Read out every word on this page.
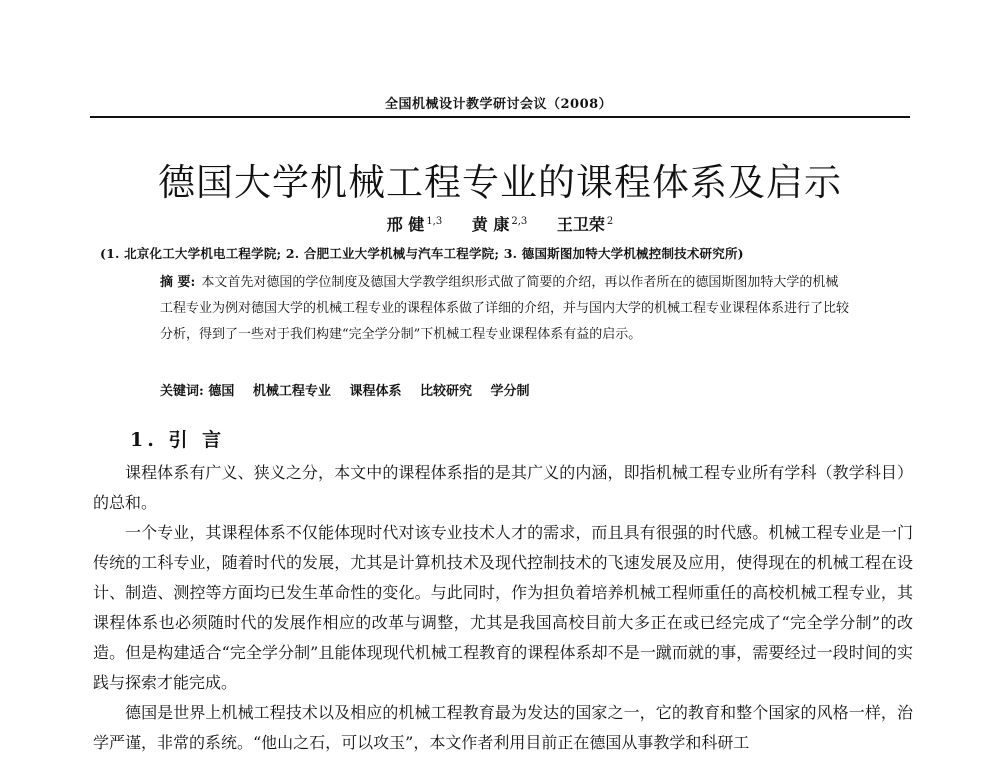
全国机械设计教学研讨会议（2008）
德国大学机械工程专业的课程体系及启示
邢 健 $^{1,3}$ 黄 康 $^{2,3}$ 王卫荣 $^2$
(1. 北京化工大学机电工程学院; 2. 合肥工业大学机械与汽车工程学院; 3. 德国斯图加特大学机械控制技术研究所)
摘 要: 本文首先对德国的学位制度及德国大学教学组织形式做了简要的介绍，再以作者所在的德国斯图加特大学的机械工程专业为例对德国大学的机械工程专业的课程体系做了详细的介绍，并与国内大学的机械工程专业课程体系进行了比较分析，得到了一些对于我们构建“完全学分制”下机械工程专业课程体系有益的启示。
关键词: 德国 机械工程专业 课程体系 比较研究 学分制
1. 引 言

课程体系有广义、狭义之分，本文中的课程体系指的是其广义的内涵，即指机械工程专业所有学科（教学科目）的总和。

一个专业，其课程体系不仅能体现时代对该专业技术人才的需求，而且具有很强的时代感。机械工程专业是一门传统的工科专业，随着时代的发展，尤其是计算机技术及现代控制技术的飞速发展及应用，使得现在的机械工程在设计、制造、测控等方面均已发生革命性的变化。与此同时，作为担负着培养机械工程师重任的高校机械工程专业，其课程体系也必须随时代的发展作相应的改革与调整，尤其是我国高校目前大多正在或已经完成了“完全学分制”的改造。但是构建适合“完全学分制”且能体现现代机械工程教育的课程体系却不是一蹴而就的事，需要经过一段时间的实践与探索才能完成。

德国是世界上机械工程技术以及相应的机械工程教育最为发达的国家之一，它的教育和整个国家的风格一样，治学严谨，非常的系统。“他山之石，可以攻玉”，本文作者利用目前正在德国从事教学和科研工
